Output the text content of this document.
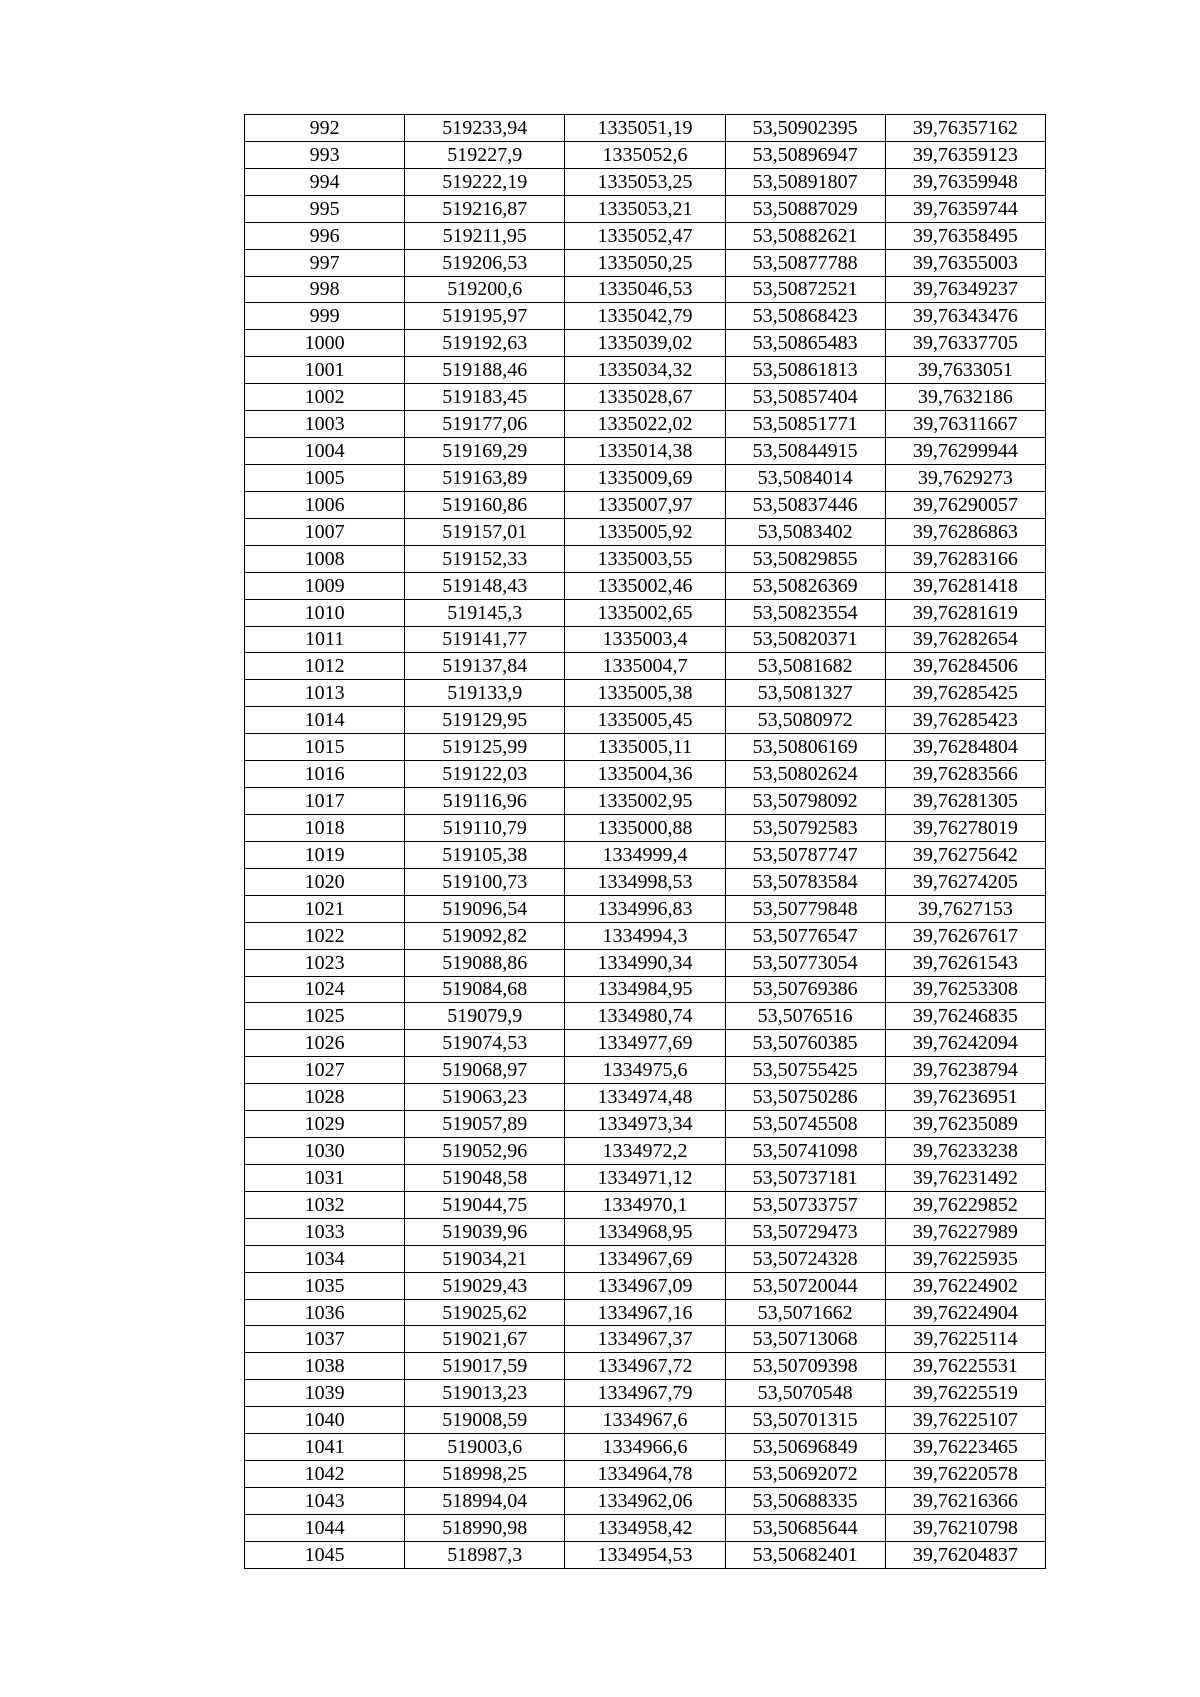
992	519233,94	1335051,19	53,50902395	39,76357162
993	519227,9	1335052,6	53,50896947	39,76359123
994	519222,19	1335053,25	53,50891807	39,76359948
995	519216,87	1335053,21	53,50887029	39,76359744
996	519211,95	1335052,47	53,50882621	39,76358495
997	519206,53	1335050,25	53,50877788	39,76355003
998	519200,6	1335046,53	53,50872521	39,76349237
999	519195,97	1335042,79	53,50868423	39,76343476
1000	519192,63	1335039,02	53,50865483	39,76337705
1001	519188,46	1335034,32	53,50861813	39,7633051
1002	519183,45	1335028,67	53,50857404	39,7632186
1003	519177,06	1335022,02	53,50851771	39,76311667
1004	519169,29	1335014,38	53,50844915	39,76299944
1005	519163,89	1335009,69	53,5084014	39,7629273
1006	519160,86	1335007,97	53,50837446	39,76290057
1007	519157,01	1335005,92	53,5083402	39,76286863
1008	519152,33	1335003,55	53,50829855	39,76283166
1009	519148,43	1335002,46	53,50826369	39,76281418
1010	519145,3	1335002,65	53,50823554	39,76281619
1011	519141,77	1335003,4	53,50820371	39,76282654
1012	519137,84	1335004,7	53,5081682	39,76284506
1013	519133,9	1335005,38	53,5081327	39,76285425
1014	519129,95	1335005,45	53,5080972	39,76285423
1015	519125,99	1335005,11	53,50806169	39,76284804
1016	519122,03	1335004,36	53,50802624	39,76283566
1017	519116,96	1335002,95	53,50798092	39,76281305
1018	519110,79	1335000,88	53,50792583	39,76278019
1019	519105,38	1334999,4	53,50787747	39,76275642
1020	519100,73	1334998,53	53,50783584	39,76274205
1021	519096,54	1334996,83	53,50779848	39,7627153
1022	519092,82	1334994,3	53,50776547	39,76267617
1023	519088,86	1334990,34	53,50773054	39,76261543
1024	519084,68	1334984,95	53,50769386	39,76253308
1025	519079,9	1334980,74	53,5076516	39,76246835
1026	519074,53	1334977,69	53,50760385	39,76242094
1027	519068,97	1334975,6	53,50755425	39,76238794
1028	519063,23	1334974,48	53,50750286	39,76236951
1029	519057,89	1334973,34	53,50745508	39,76235089
1030	519052,96	1334972,2	53,50741098	39,76233238
1031	519048,58	1334971,12	53,50737181	39,76231492
1032	519044,75	1334970,1	53,50733757	39,76229852
1033	519039,96	1334968,95	53,50729473	39,76227989
1034	519034,21	1334967,69	53,50724328	39,76225935
1035	519029,43	1334967,09	53,50720044	39,76224902
1036	519025,62	1334967,16	53,5071662	39,76224904
1037	519021,67	1334967,37	53,50713068	39,76225114
1038	519017,59	1334967,72	53,50709398	39,76225531
1039	519013,23	1334967,79	53,5070548	39,76225519
1040	519008,59	1334967,6	53,50701315	39,76225107
1041	519003,6	1334966,6	53,50696849	39,76223465
1042	518998,25	1334964,78	53,50692072	39,76220578
1043	518994,04	1334962,06	53,50688335	39,76216366
1044	518990,98	1334958,42	53,50685644	39,76210798
1045	518987,3	1334954,53	53,50682401	39,76204837
